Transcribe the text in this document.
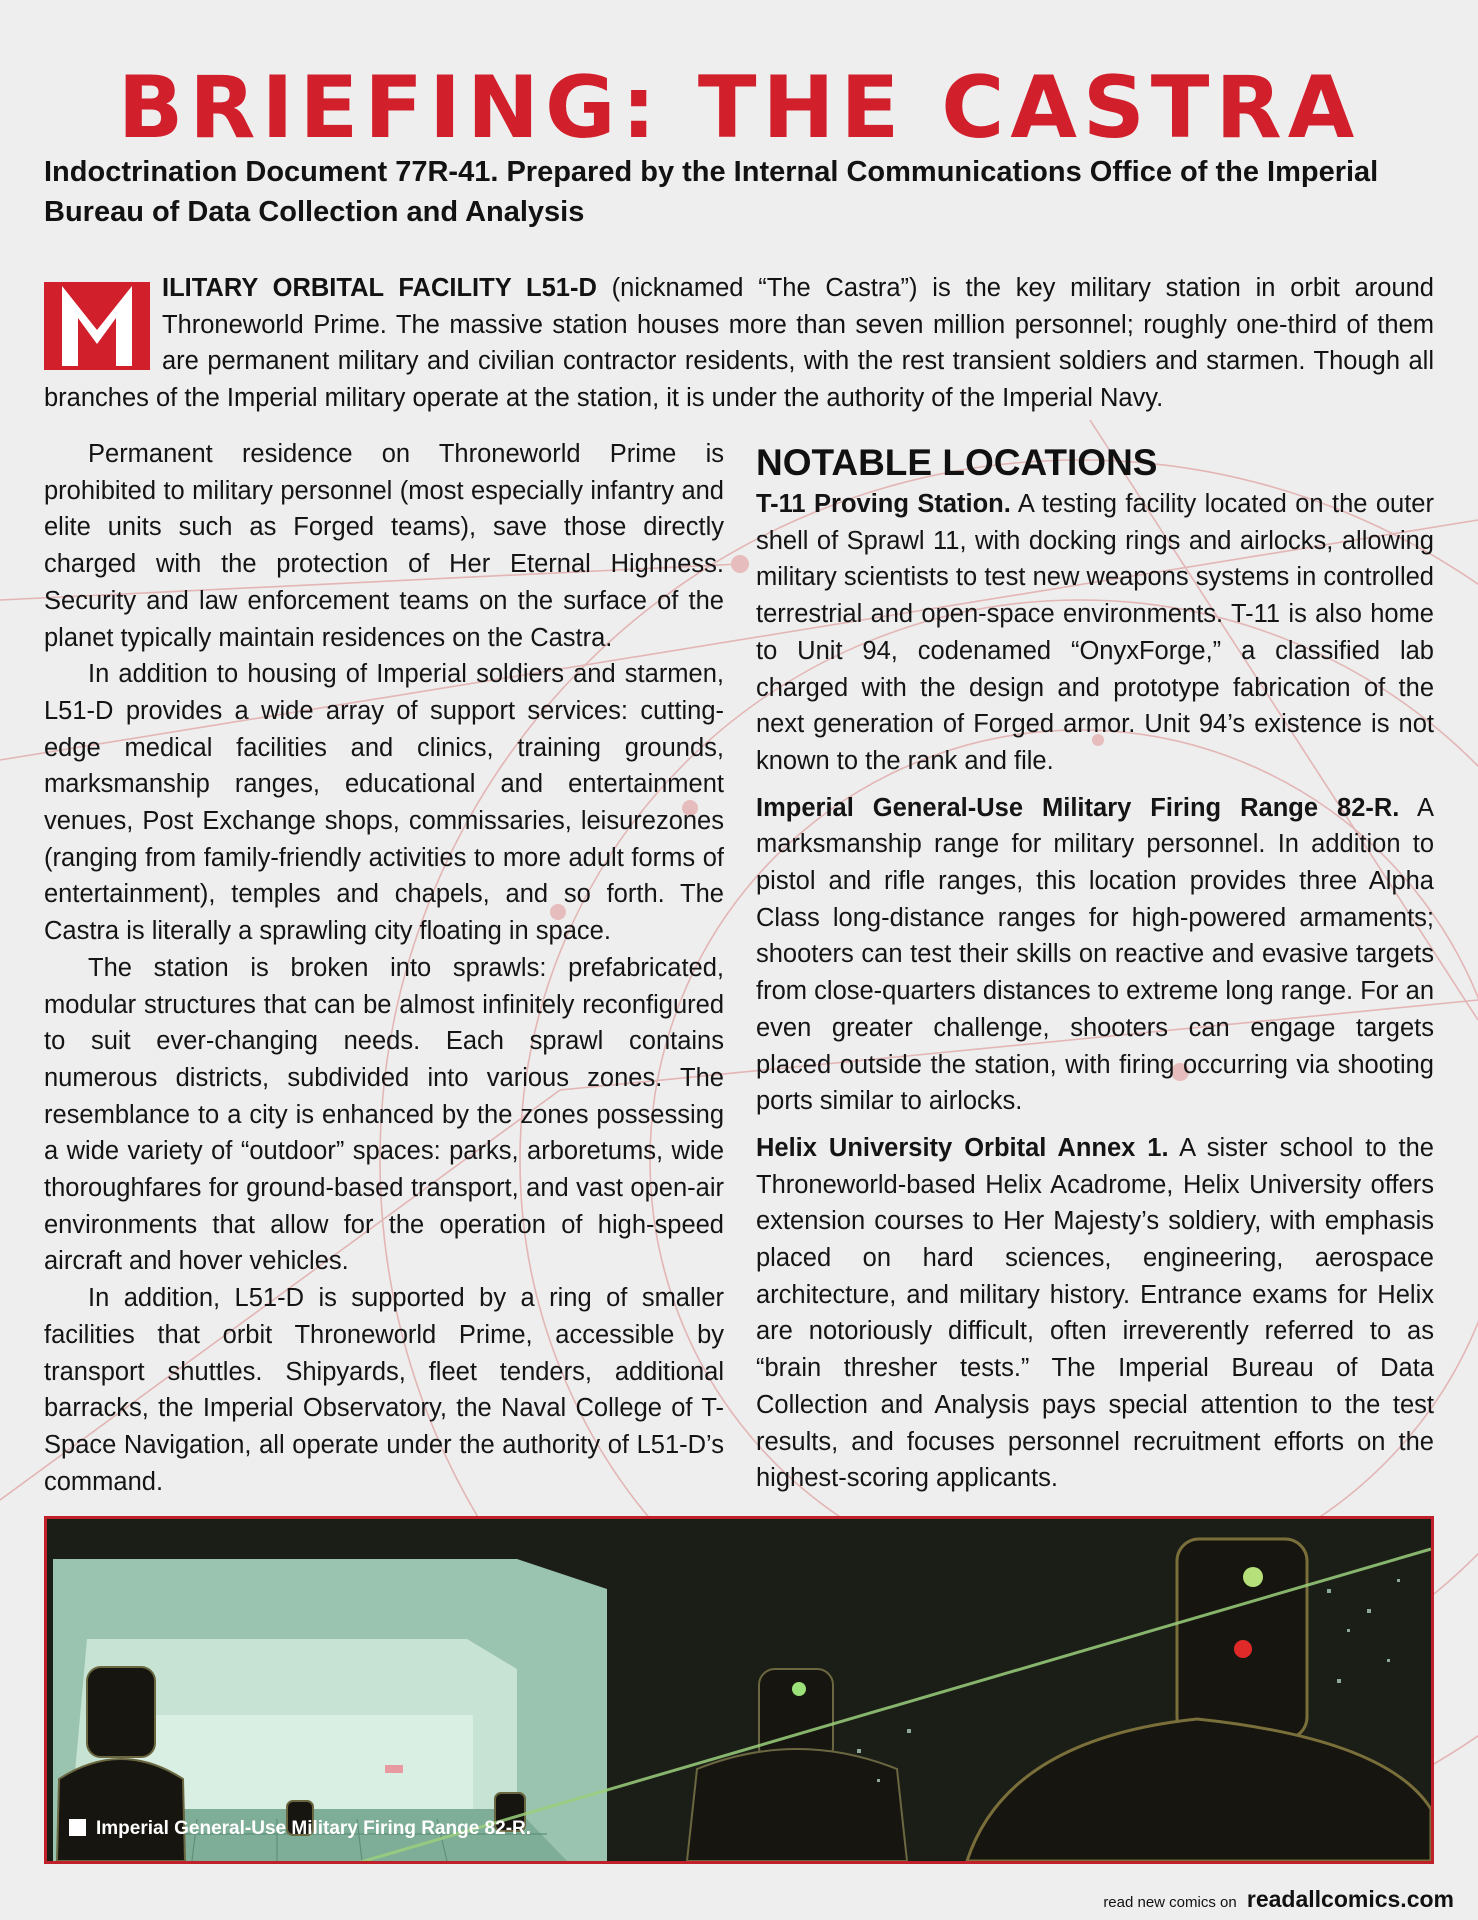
BRIEFING: THE CASTRA

Indoctrination Document 77R-41. Prepared by the Internal Communications Office of the Imperial Bureau of Data Collection and Analysis

ILITARY ORBITAL FACILITY L51-D (nicknamed “The Castra”) is the key military station in orbit around Throneworld Prime. The massive station houses more than seven million personnel; roughly one-third of them are permanent military and civilian contractor residents, with the rest transient soldiers and starmen. Though all branches of the Imperial military operate at the station, it is under the authority of the Imperial Navy.

Permanent residence on Throneworld Prime is prohibited to military personnel (most especially infantry and elite units such as Forged teams), save those directly charged with the protection of Her Eternal Highness. Security and law enforcement teams on the surface of the planet typically maintain residences on the Castra.

In addition to housing of Imperial soldiers and starmen, L51-D provides a wide array of support services: cutting-edge medical facilities and clinics, training grounds, marksmanship ranges, educational and entertainment venues, Post Exchange shops, commissaries, leisurezones (ranging from family-friendly activities to more adult forms of entertainment), temples and chapels, and so forth. The Castra is literally a sprawling city floating in space.

The station is broken into sprawls: prefabricated, modular structures that can be almost infinitely reconfigured to suit ever-changing needs. Each sprawl contains numerous districts, subdivided into various zones. The resemblance to a city is enhanced by the zones possessing a wide variety of “outdoor” spaces: parks, arboretums, wide thoroughfares for ground-based transport, and vast open-air environments that allow for the operation of high-speed aircraft and hover vehicles.

In addition, L51-D is supported by a ring of smaller facilities that orbit Throneworld Prime, accessible by transport shuttles. Shipyards, fleet tenders, additional barracks, the Imperial Observatory, the Naval College of T-Space Navigation, all operate under the authority of L51-D’s command.

NOTABLE LOCATIONS

T-11 Proving Station. A testing facility located on the outer shell of Sprawl 11, with docking rings and airlocks, allowing military scientists to test new weapons systems in controlled terrestrial and open-space environments. T-11 is also home to Unit 94, codenamed “OnyxForge,” a classified lab charged with the design and prototype fabrication of the next generation of Forged armor. Unit 94’s existence is not known to the rank and file.

Imperial General-Use Military Firing Range 82-R. A marksmanship range for military personnel. In addition to pistol and rifle ranges, this location provides three Alpha Class long-distance ranges for high-powered armaments; shooters can test their skills on reactive and evasive targets from close-quarters distances to extreme long range. For an even greater challenge, shooters can engage targets placed outside the station, with firing occurring via shooting ports similar to airlocks.

Helix University Orbital Annex 1. A sister school to the Throneworld-based Helix Acadrome, Helix University offers extension courses to Her Majesty’s soldiery, with emphasis placed on hard sciences, engineering, aerospace architecture, and military history. Entrance exams for Helix are notoriously difficult, often irreverently referred to as “brain thresher tests.” The Imperial Bureau of Data Collection and Analysis pays special attention to the test results, and focuses personnel recruitment efforts on the highest-scoring applicants.

Imperial General-Use Military Firing Range 82-R.
read new comics on readallcomics.com
